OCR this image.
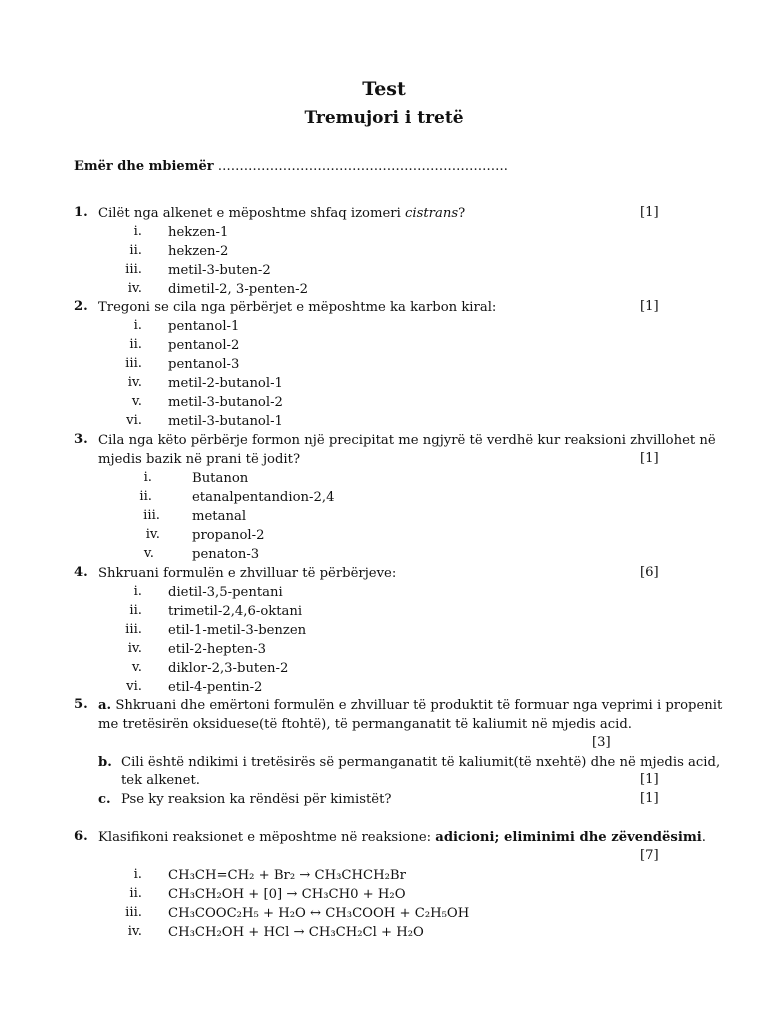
Test
Tremujori i tretë
Emër dhe mbiemër ………………………………………………………….
1. Cilët nga alkenet e mëposhtme shfaq izomeri cistrans?	[1]
i. hekzen-1
ii. hekzen-2
iii. metil-3-buten-2
iv. dimetil-2, 3-penten-2
2. Tregoni se cila nga përbërjet e mëposhtme ka karbon kiral:	[1]
i. pentanol-1
ii. pentanol-2
iii. pentanol-3
iv. metil-2-butanol-1
v. metil-3-butanol-2
vi. metil-3-butanol-1
3. Cila nga këto përbërje formon një precipitat me ngjyrë të verdhë kur reaksioni zhvillohet në
mjedis bazik në prani të jodit?	[1]
i.	Butanon
ii.	etanalpentandion-2,4
iii. metanal
iv. propanol-2
v.	penaton-3
4. Shkruani formulën e zhvilluar të përbërjeve:	[6]
i. dietil-3,5-pentani
ii. trimetil-2,4,6-oktani
iii. etil-1-metil-3-benzen
iv. etil-2-hepten-3
v. diklor-2,3-buten-2
vi. etil-4-pentin-2
5. a. Shkruani dhe emërtoni formulën e zhvilluar të produktit të formuar nga veprimi i propenit
me tretësirën oksiduese(të ftohtë), të permanganatit të kaliumit në mjedis acid.
[3]
b. Cili është ndikimi i tretësirës së permanganatit të kaliumit(të nxehtë) dhe në mjedis acid,
tek alkenet.	[1]
c. Pse ky reaksion ka rëndësi për kimistët?	[1]
6. Klasifikoni reaksionet e mëposhtme në reaksione: adicioni; eliminimi dhe zëvendësimi.
[7]
i. CH₃CH=CH₂ + Br₂ → CH₃CHCH₂Br
ii. CH₃CH₂OH + [0] → CH₃CH0 + H₂O
iii. CH₃COOC₂H₅ + H₂O ↔ CH₃COOH + C₂H₅OH
iv. CH₃CH₂OH + HCl → CH₃CH₂Cl + H₂O
